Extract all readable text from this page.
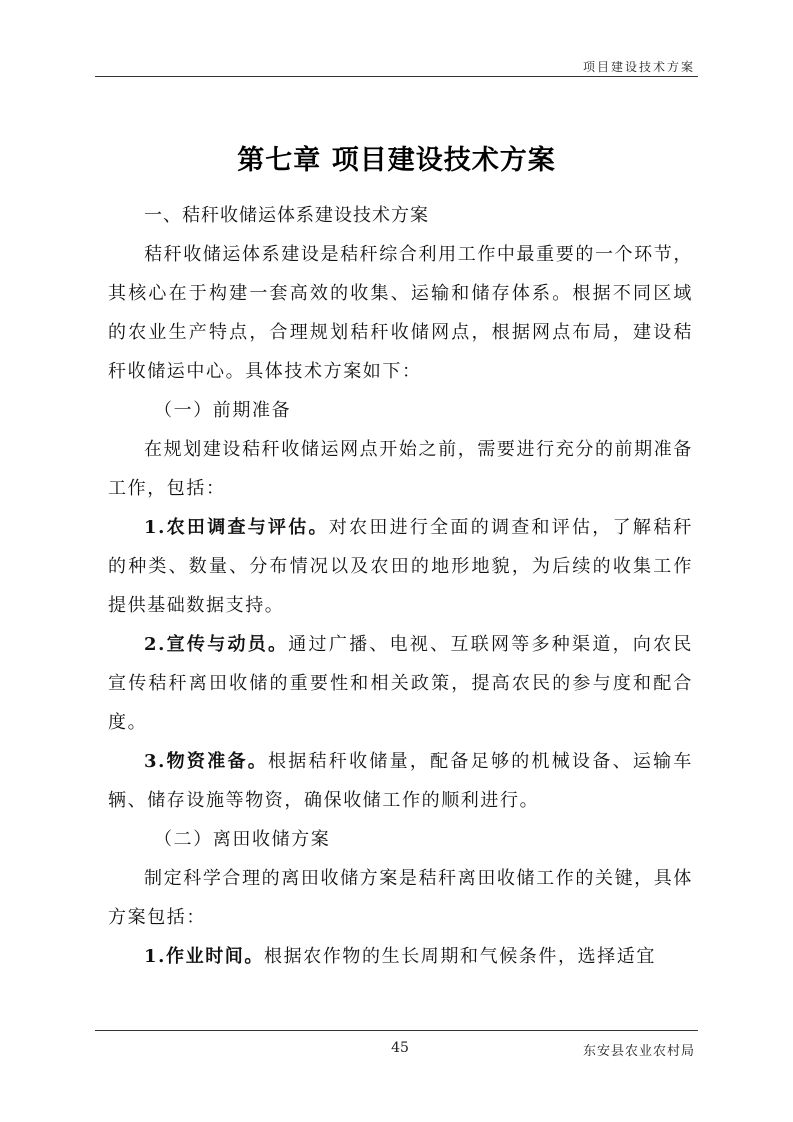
项目建设技术方案
第七章 项目建设技术方案

一、秸秆收储运体系建设技术方案

秸秆收储运体系建设是秸秆综合利用工作中最重要的一个环节，其核心在于构建一套高效的收集、运输和储存体系。根据不同区域的农业生产特点，合理规划秸秆收储网点，根据网点布局，建设秸秆收储运中心。具体技术方案如下：

（一）前期准备

在规划建设秸秆收储运网点开始之前，需要进行充分的前期准备工作，包括：

1.农田调查与评估。对农田进行全面的调查和评估，了解秸秆的种类、数量、分布情况以及农田的地形地貌，为后续的收集工作提供基础数据支持。

2.宣传与动员。通过广播、电视、互联网等多种渠道，向农民宣传秸秆离田收储的重要性和相关政策，提高农民的参与度和配合度。

3.物资准备。根据秸秆收储量，配备足够的机械设备、运输车辆、储存设施等物资，确保收储工作的顺利进行。

（二）离田收储方案

制定科学合理的离田收储方案是秸秆离田收储工作的关键，具体方案包括：

1.作业时间。根据农作物的生长周期和气候条件，选择适宜

45	东安县农业农村局
